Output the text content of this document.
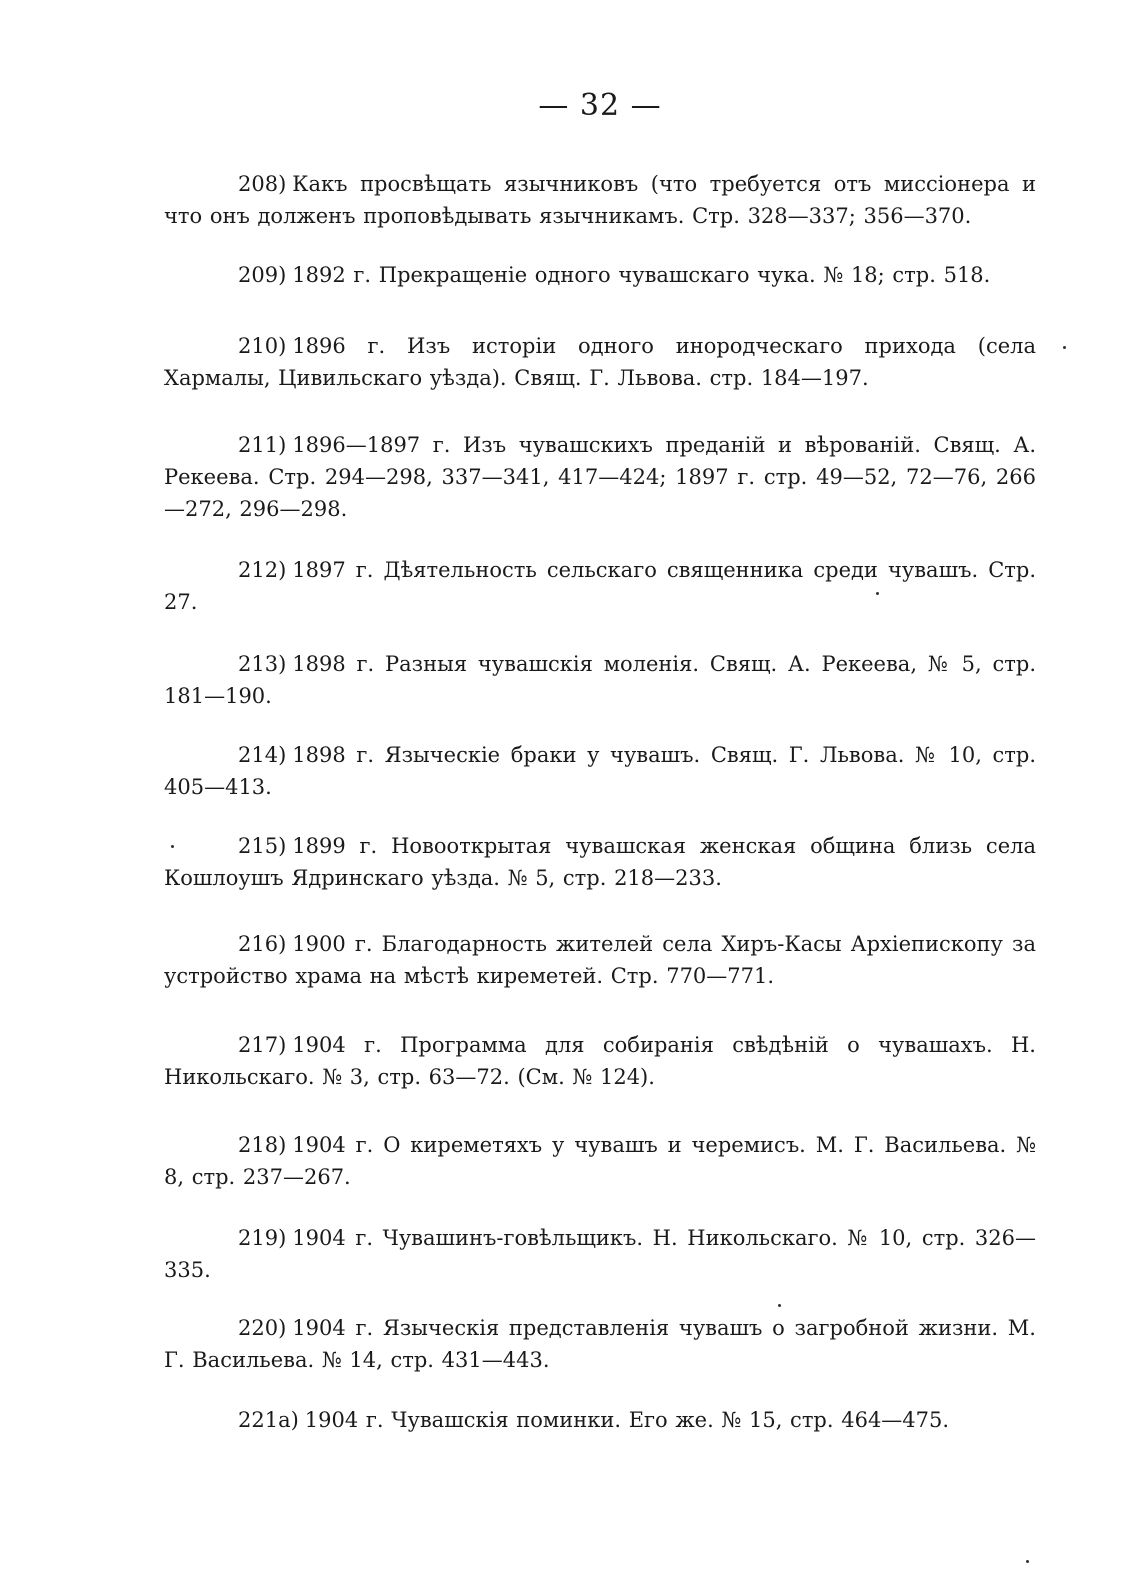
— 32 —
208) Какъ просвѣщать язычниковъ (что требуется отъ миссіонера и что онъ долженъ проповѣдывать язычникамъ. Стр. 328—337; 356—370.
209) 1892 г. Прекращеніе одного чувашскаго чука. № 18; стр. 518.
210) 1896 г. Изъ исторіи одного инородческаго прихода (села Хармалы, Цивильскаго уѣзда). Свящ. Г. Львова. стр. 184—197.
211) 1896—1897 г. Изъ чувашскихъ преданій и вѣрованій. Свящ. А. Рекеева. Стр. 294—298, 337—341, 417—424; 1897 г. стр. 49—52, 72—76, 266—272, 296—298.
212) 1897 г. Дѣятельность сельскаго священника среди чувашъ. Стр. 27.
213) 1898 г. Разныя чувашскія моленія. Свящ. А. Рекеева, № 5, стр. 181—190.
214) 1898 г. Языческіе браки у чувашъ. Свящ. Г. Львова. № 10, стр. 405—413.
215) 1899 г. Новооткрытая чувашская женская община близь села Кошлоушъ Ядринскаго уѣзда. № 5, стр. 218—233.
216) 1900 г. Благодарность жителей села Хиръ-Касы Архіепископу за устройство храма на мѣстѣ киреметей. Стр. 770—771.
217) 1904 г. Программа для собиранія свѣдѣній о чувашахъ. Н. Никольскаго. № 3, стр. 63—72. (См. № 124).
218) 1904 г. О киреметяхъ у чувашъ и черемисъ. М. Г. Васильева. № 8, стр. 237—267.
219) 1904 г. Чувашинъ-говѣльщикъ. Н. Никольскаго. № 10, стр. 326—335.
220) 1904 г. Языческія представленія чувашъ о загробной жизни. М. Г. Васильева. № 14, стр. 431—443.
221a) 1904 г. Чувашскія поминки. Его же. № 15, стр. 464—475.
